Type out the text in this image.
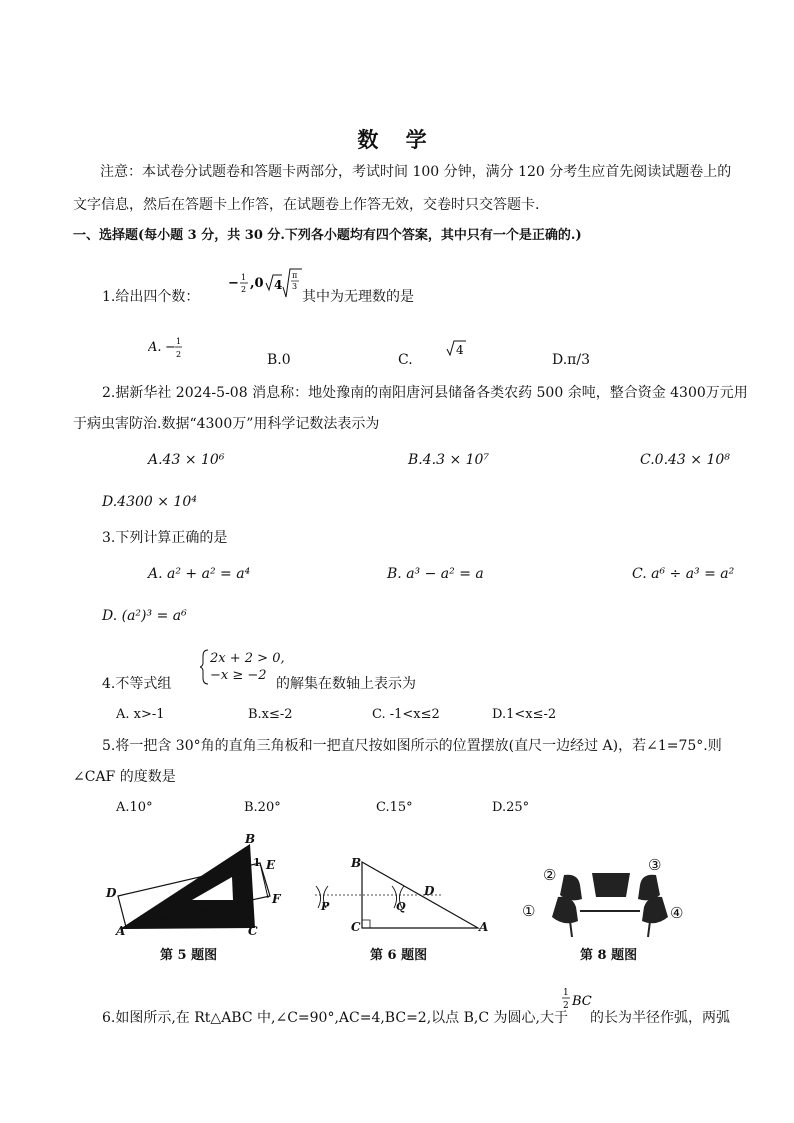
数 学
注意：本试卷分试题卷和答题卡两部分，考试时间 100 分钟，满分 120 分考生应首先阅读试题卷上的
文字信息，然后在答题卡上作答，在试题卷上作答无效，交卷时只交答题卡.
一、选择题(每小题 3 分，共 30 分.下列各小题均有四个答案，其中只有一个是正确的.)
− 1
2 ,0 4
π
3
1.给出四个数：	其中为无理数的是
A. − 1
2	B.0	C.
4
D.π/3
2.据新华社 2024-5-08 消息称：地处豫南的南阳唐河县储备各类农药 500 余吨，整合资金 4300万元用
于病虫害防治.数据“4300万”用科学记数法表示为
A.43 × 10⁶	B.4.3 × 10⁷	C.0.43 × 10⁸
D.4300 × 10⁴
3.下列计算正确的是
A. a² + a² = a⁴	B. a³ − a² = a	C. a⁶ ÷ a³ = a²
D. (a²)³ = a⁶
4.不等式组
2x + 2 > 0,
−x ≥ −2
的解集在数轴上表示为
A. x>-1	B.x≤-2	C. -1<x≤2	D.1<x≤-2
5.将一把含 30°角的直角三角板和一把直尺按如图所示的位置摆放(直尺一边经过 A)，若∠1=75°.则
∠CAF 的度数是
A.10°	B.20°	C.15°	D.25°
B
1 E
D	F
A	C
第 5 题图
B
D
P	Q
C	A
第 6 题图
②
③
①	④
第 8 题图
6.如图所示,在 Rt△ABC 中,∠C=90°,AC=4,BC=2,以点 B,C 为圆心,大于
1
2 BC
的长为半径作弧，两弧
